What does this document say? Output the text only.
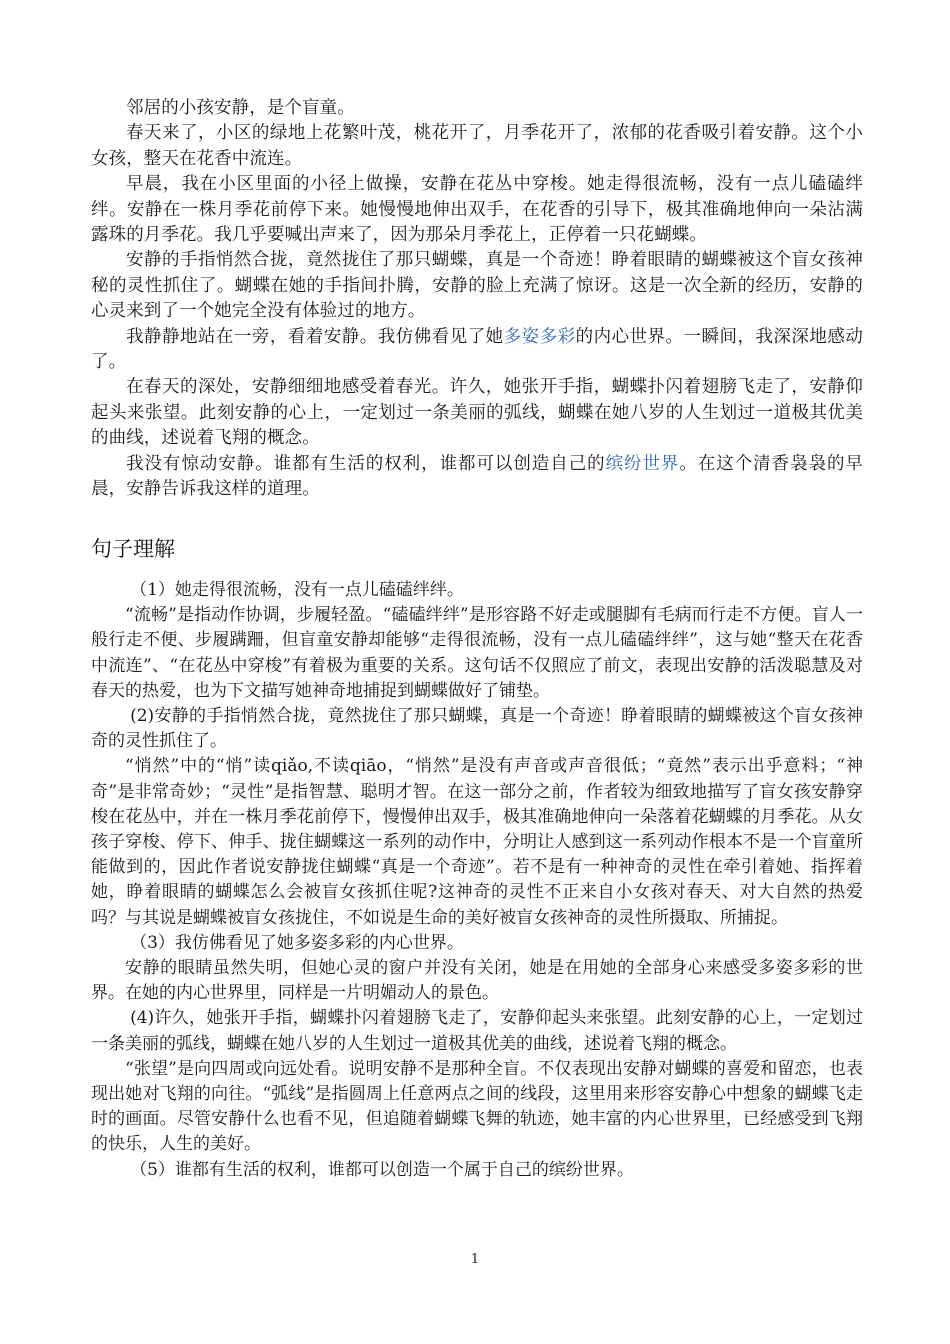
邻居的小孩安静，是个盲童。

春天来了，小区的绿地上花繁叶茂，桃花开了，月季花开了，浓郁的花香吸引着安静。这个小女孩，整天在花香中流连。

早晨，我在小区里面的小径上做操，安静在花丛中穿梭。她走得很流畅，没有一点儿磕磕绊绊。安静在一株月季花前停下来。她慢慢地伸出双手，在花香的引导下，极其准确地伸向一朵沾满露珠的月季花。我几乎要喊出声来了，因为那朵月季花上，正停着一只花蝴蝶。

安静的手指悄然合拢，竟然拢住了那只蝴蝶，真是一个奇迹！睁着眼睛的蝴蝶被这个盲女孩神秘的灵性抓住了。蝴蝶在她的手指间扑腾，安静的脸上充满了惊讶。这是一次全新的经历，安静的心灵来到了一个她完全没有体验过的地方。

我静静地站在一旁，看着安静。我仿佛看见了她多姿多彩的内心世界。一瞬间，我深深地感动了。

在春天的深处，安静细细地感受着春光。许久，她张开手指，蝴蝶扑闪着翅膀飞走了，安静仰起头来张望。此刻安静的心上，一定划过一条美丽的弧线，蝴蝶在她八岁的人生划过一道极其优美的曲线，述说着飞翔的概念。

我没有惊动安静。谁都有生活的权利，谁都可以创造自己的缤纷世界。在这个清香袅袅的早晨，安静告诉我这样的道理。

句子理解

（1）她走得很流畅，没有一点儿磕磕绊绊。

“流畅”是指动作协调，步履轻盈。“磕磕绊绊”是形容路不好走或腿脚有毛病而行走不方便。盲人一般行走不便、步履蹒跚，但盲童安静却能够“走得很流畅，没有一点儿磕磕绊绊”，这与她“整天在花香中流连”、“在花丛中穿梭”有着极为重要的关系。这句话不仅照应了前文，表现出安静的活泼聪慧及对春天的热爱，也为下文描写她神奇地捕捉到蝴蝶做好了铺垫。

(2)安静的手指悄然合拢，竟然拢住了那只蝴蝶，真是一个奇迹！睁着眼睛的蝴蝶被这个盲女孩神奇的灵性抓住了。

“悄然”中的“悄”读qiǎo,不读qiāo，“悄然”是没有声音或声音很低；“竟然”表示出乎意料；“神奇”是非常奇妙；“灵性”是指智慧、聪明才智。在这一部分之前，作者较为细致地描写了盲女孩安静穿梭在花丛中，并在一株月季花前停下，慢慢伸出双手，极其准确地伸向一朵落着花蝴蝶的月季花。从女孩子穿梭、停下、伸手、拢住蝴蝶这一系列的动作中，分明让人感到这一系列动作根本不是一个盲童所能做到的，因此作者说安静拢住蝴蝶“真是一个奇迹”。若不是有一种神奇的灵性在牵引着她、指挥着她，睁着眼睛的蝴蝶怎么会被盲女孩抓住呢?这神奇的灵性不正来自小女孩对春天、对大自然的热爱吗？与其说是蝴蝶被盲女孩拢住，不如说是生命的美好被盲女孩神奇的灵性所摄取、所捕捉。

（3）我仿佛看见了她多姿多彩的内心世界。

安静的眼睛虽然失明，但她心灵的窗户并没有关闭，她是在用她的全部身心来感受多姿多彩的世界。在她的内心世界里，同样是一片明媚动人的景色。

(4)许久，她张开手指，蝴蝶扑闪着翅膀飞走了，安静仰起头来张望。此刻安静的心上，一定划过一条美丽的弧线，蝴蝶在她八岁的人生划过一道极其优美的曲线，述说着飞翔的概念。

“张望”是向四周或向远处看。说明安静不是那种全盲。不仅表现出安静对蝴蝶的喜爱和留恋，也表现出她对飞翔的向往。“弧线”是指圆周上任意两点之间的线段，这里用来形容安静心中想象的蝴蝶飞走时的画面。尽管安静什么也看不见，但追随着蝴蝶飞舞的轨迹，她丰富的内心世界里，已经感受到飞翔的快乐，人生的美好。

（5）谁都有生活的权利，谁都可以创造一个属于自己的缤纷世界。

1
